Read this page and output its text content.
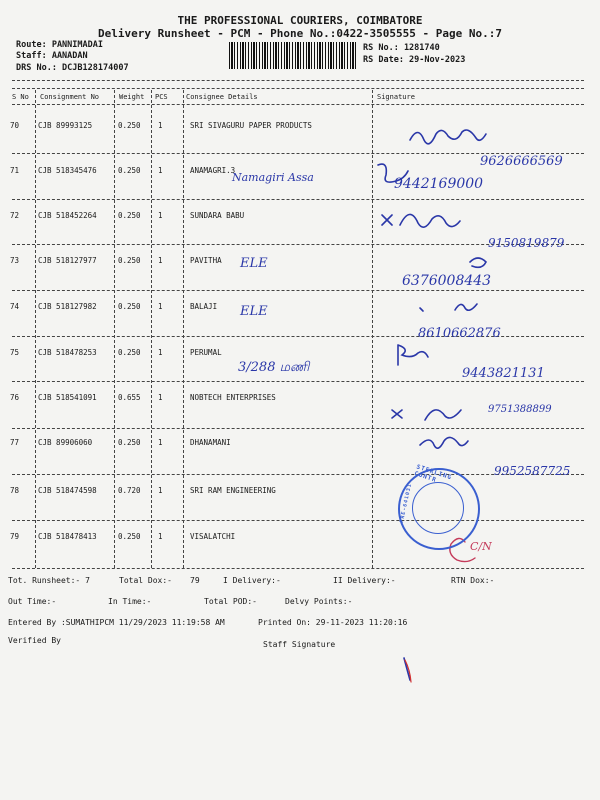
THE PROFESSIONAL COURIERS, COIMBATORE
Delivery Runsheet - PCM - Phone No.:0422-3505555 - Page No.:7
Route: PANNIMADAI
Staff: AANADAN
DRS No.: DCJB128174007
RS No.: 1281740
RS Date: 29-Nov-2023
S No Consignment No	Weight PCS	Consignee Details	Signature
70	CJB 89993125	0.250 1	SRI SIVAGURU PAPER PRODUCTS
71	CJB 518345476	0.250 1	ANAMAGRI.3
72	CJB 518452264	0.250 1	SUNDARA BABU
73	CJB 518127977	0.250 1	PAVITHA
74	CJB 518127982	0.250 1	BALAJI
75	CJB 518478253	0.250 1	PERUMAL
76	CJB 518541091	0.655 1	NOBTECH ENTERPRISES
77	CJB 89906060	0.250 1	DHANAMANI
78	CJB 518474598	0.720 1	SRI RAM ENGINEERING
79	CJB 518478413	0.250 1	VISALATCHI
Namagiri Assa
9626666569
9442169000
9150819879
ELE
6376008443
ELE
8610662876
3/288 மணி	9443821131
9751388899
9952587725
C/N
STERLING CONTR
PRE-641031
Tot. Runsheet:- 7	Total Dox:- 79	I Delivery:-	II Delivery:-	RTN Dox:-
Out Time:-	In Time:-	Total POD:-	Delvy Points:-
Entered By :SUMATHIPCM 11/29/2023 11:19:58 AM	Printed On: 29-11-2023 11:20:16
Verified By	Staff Signature
